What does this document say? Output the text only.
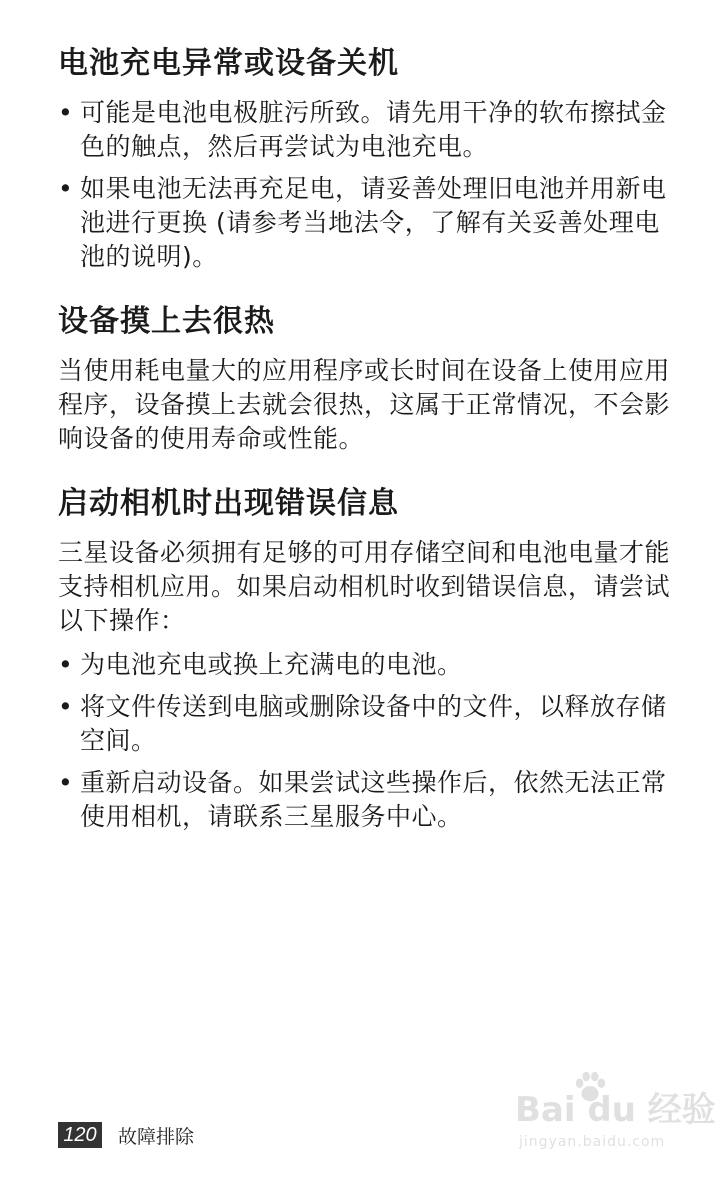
电池充电异常或设备关机
• 可能是电池电极脏污所致。请先用干净的软布擦拭金色的触点，然后再尝试为电池充电。
• 如果电池无法再充足电，请妥善处理旧电池并用新电池进行更换 (请参考当地法令，了解有关妥善处理电池的说明)。
设备摸上去很热

当使用耗电量大的应用程序或长时间在设备上使用应用程序，设备摸上去就会很热，这属于正常情况，不会影响设备的使用寿命或性能。

启动相机时出现错误信息

三星设备必须拥有足够的可用存储空间和电池电量才能支持相机应用。如果启动相机时收到错误信息，请尝试以下操作：

• 为电池充电或换上充满电的电池。
• 将文件传送到电脑或删除设备中的文件，以释放存储空间。
• 重新启动设备。如果尝试这些操作后，依然无法正常使用相机，请联系三星服务中心。
120 故障排除
Bai du 经验
jingyan.baidu.com
